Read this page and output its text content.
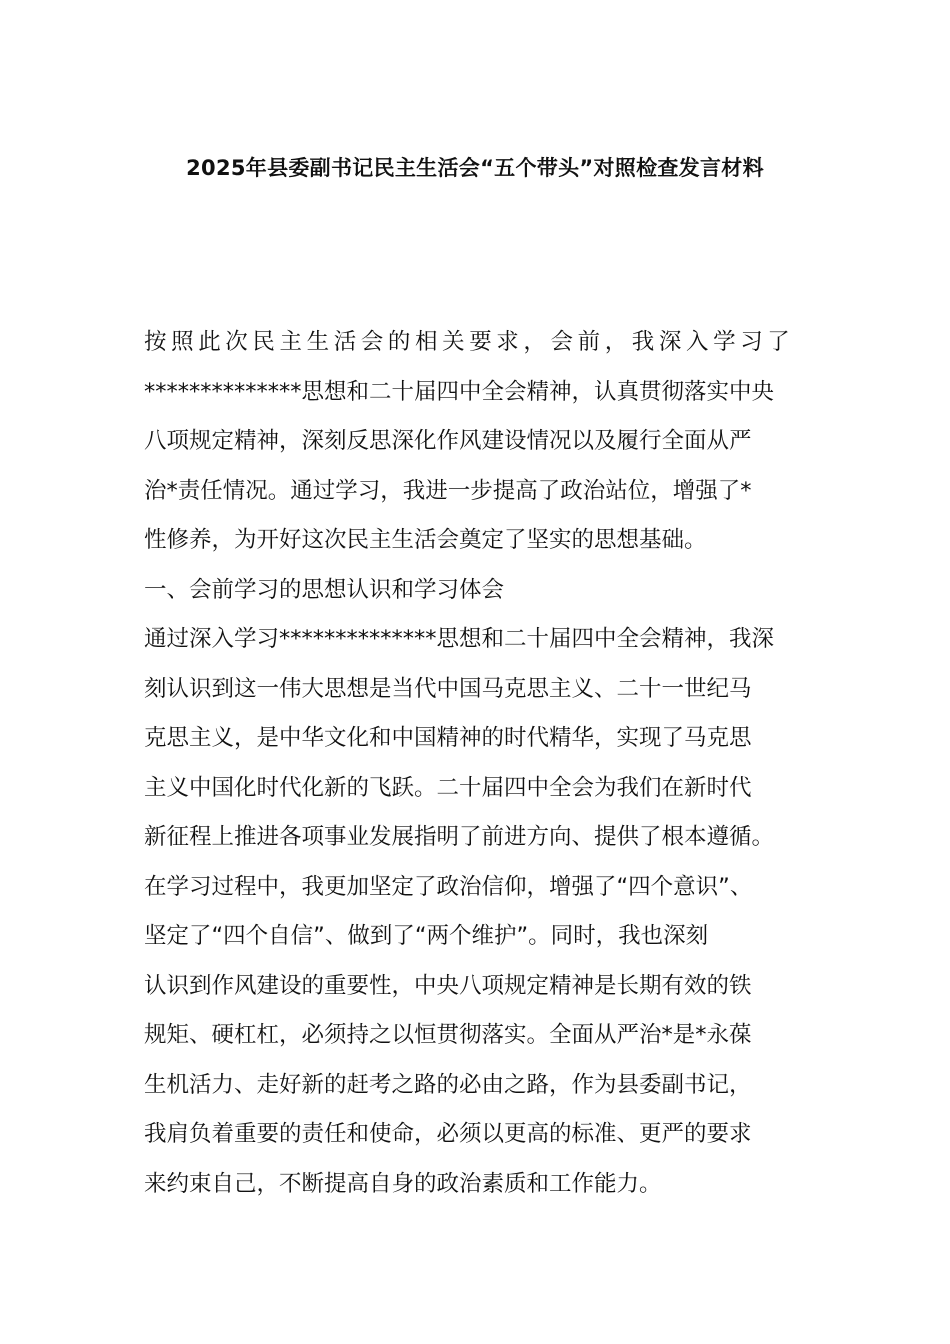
2025年县委副书记民主生活会“五个带头”对照检查发言材料
按照此次民主生活会的相关要求，会前，我深入学习了
**************思想和二十届四中全会精神，认真贯彻落实中央
八项规定精神，深刻反思深化作风建设情况以及履行全面从严
治*责任情况。通过学习，我进一步提高了政治站位，增强了*
性修养，为开好这次民主生活会奠定了坚实的思想基础。
一、会前学习的思想认识和学习体会
通过深入学习**************思想和二十届四中全会精神，我深
刻认识到这一伟大思想是当代中国马克思主义、二十一世纪马
克思主义，是中华文化和中国精神的时代精华，实现了马克思
主义中国化时代化新的飞跃。二十届四中全会为我们在新时代
新征程上推进各项事业发展指明了前进方向、提供了根本遵循。
在学习过程中，我更加坚定了政治信仰，增强了“四个意识”、
坚定了“四个自信”、做到了“两个维护”。同时，我也深刻
认识到作风建设的重要性，中央八项规定精神是长期有效的铁
规矩、硬杠杠，必须持之以恒贯彻落实。全面从严治*是*永葆
生机活力、走好新的赶考之路的必由之路，作为县委副书记，
我肩负着重要的责任和使命，必须以更高的标准、更严的要求
来约束自己，不断提高自身的政治素质和工作能力。
